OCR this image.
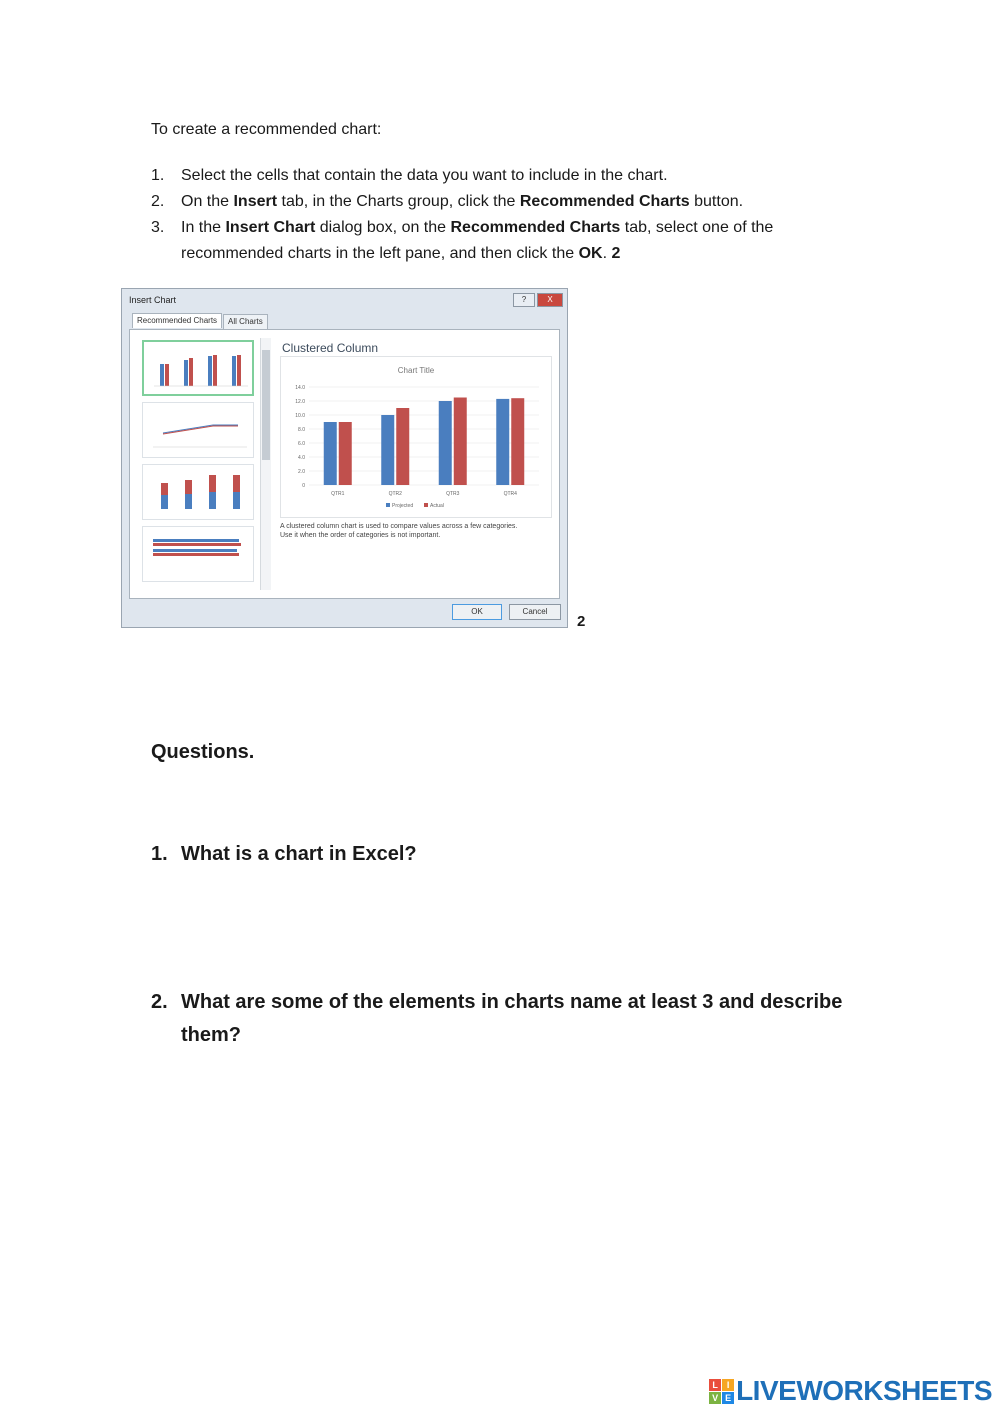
To create a recommended chart:
1.	Select the cells that contain the data you want to include in the chart.
2.	On the Insert tab, in the Charts group, click the Recommended Charts button.
3.	In the Insert Chart dialog box, on the Recommended Charts tab, select one of the recommended charts in the left pane, and then click the OK. 2
Insert Chart	?	X
Recommended Charts	All Charts
Clustered Column
Chart Title
0
2.0
4.0
6.0
8.0
10.0
12.0
14.0
QTR1	QTR2	QTR3	QTR4
Projected	Actual
A clustered column chart is used to compare values across a few categories. Use it when the order of categories is not important.
OK	Cancel
2
Questions.
1. What is a chart in Excel?
2. What are some of the elements in charts name at least 3 and describe them?
L I
V E LIVEWORKSHEETS
